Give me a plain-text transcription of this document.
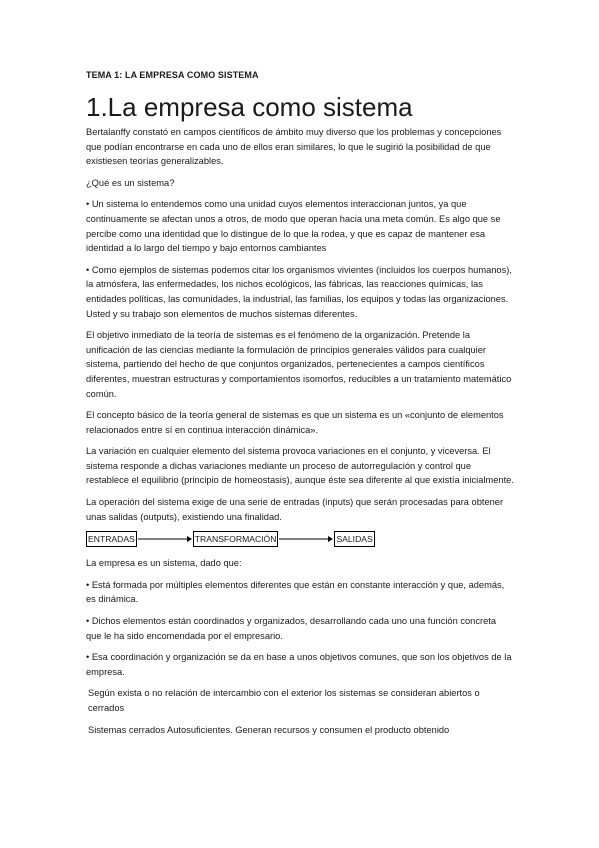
TEMA 1: LA EMPRESA COMO SISTEMA
1.La empresa como sistema

Bertalanffy constató en campos científicos de ámbito muy diverso que los problemas y concepciones que podían encontrarse en cada uno de ellos eran similares, lo que le sugirió la posibilidad de que existiesen teorías generalizables.

¿Qué es un sistema?

• Un sistema lo entendemos como una unidad cuyos elementos interaccionan juntos, ya que continuamente se afectan unos a otros, de modo que operan hacia una meta común. Es algo que se percibe como una identidad que lo distingue de lo que la rodea, y que es capaz de mantener esa identidad a lo largo del tiempo y bajo entornos cambiantes

• Como ejemplos de sistemas podemos citar los organismos vivientes (incluidos los cuerpos humanos), la atmósfera, las enfermedades, los nichos ecológicos, las fábricas, las reacciones químicas, las entidades políticas, las comunidades, la industrial, las familias, los equipos y todas las organizaciones. Usted y su trabajo son elementos de muchos sistemas diferentes.

El objetivo inmediato de la teoría de sistemas es el fenómeno de la organización. Pretende la unificación de las ciencias mediante la formulación de principios generales válidos para cualquier sistema, partiendo del hecho de que conjuntos organizados, pertenecientes a campos científicos diferentes, muestran estructuras y comportamientos isomorfos, reducibles a un tratamiento matemático común.

El concepto básico de la teoría general de sistemas es que un sistema es un «conjunto de elementos relacionados entre sí en continua interacción dinámica».

La variación en cualquier elemento del sistema provoca variaciones en el conjunto, y viceversa. El sistema responde a dichas variaciones mediante un proceso de autorregulación y control que restablece el equilibrio (principio de homeostasis), aunque éste sea diferente al que existía inicialmente.

La operación del sistema exige de una serie de entradas (inputs) que serán procesadas para obtener unas salidas (outputs), existiendo una finalidad.

ENTRADAS	TRANSFORMACIÓN	SALIDAS

La empresa es un sistema, dado que:

• Está formada por múltiples elementos diferentes que están en constante interacción y que, además, es dinámica.

• Dichos elementos están coordinados y organizados, desarrollando cada uno una función concreta que le ha sido encomendada por el empresario.

• Esa coordinación y organización se da en base a unos objetivos comunes, que son los objetivos de la empresa.

Según exista o no relación de intercambio con el exterior los sistemas se consideran abiertos o cerrados

Sistemas cerrados Autosuficientes. Generan recursos y consumen el producto obtenido
